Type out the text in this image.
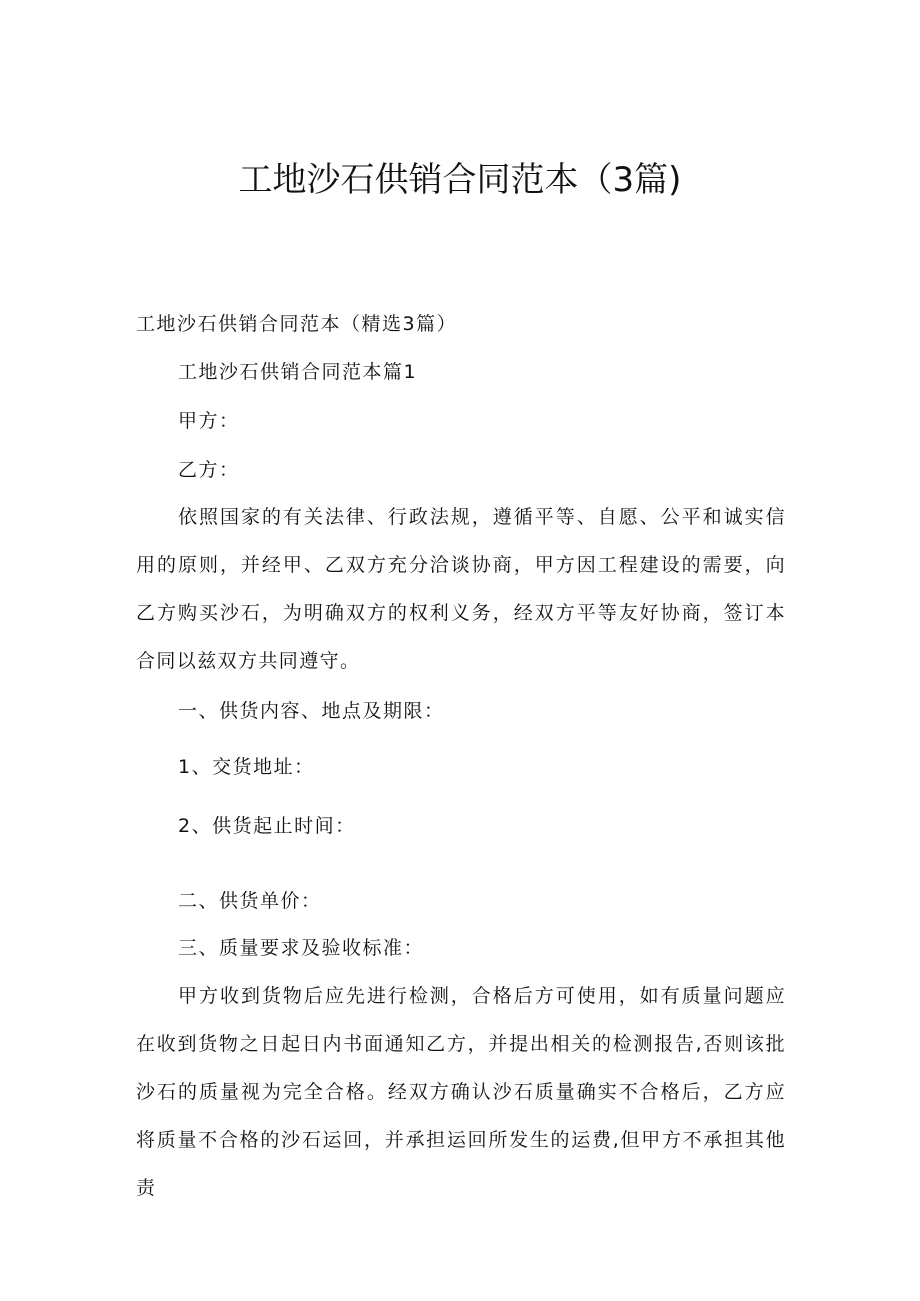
工地沙石供销合同范本（3篇)

工地沙石供销合同范本（精选3篇）

工地沙石供销合同范本篇1

甲方：

乙方：

依照国家的有关法律、行政法规，遵循平等、自愿、公平和诚实信用的原则，并经甲、乙双方充分洽谈协商，甲方因工程建设的需要，向乙方购买沙石，为明确双方的权利义务，经双方平等友好协商，签订本合同以兹双方共同遵守。

一、供货内容、地点及期限：

1、交货地址：

2、供货起止时间：

二、供货单价：

三、质量要求及验收标准：

甲方收到货物后应先进行检测，合格后方可使用，如有质量问题应在收到货物之日起日内书面通知乙方，并提出相关的检测报告,否则该批沙石的质量视为完全合格。经双方确认沙石质量确实不合格后，乙方应将质量不合格的沙石运回，并承担运回所发生的运费,但甲方不承担其他责
